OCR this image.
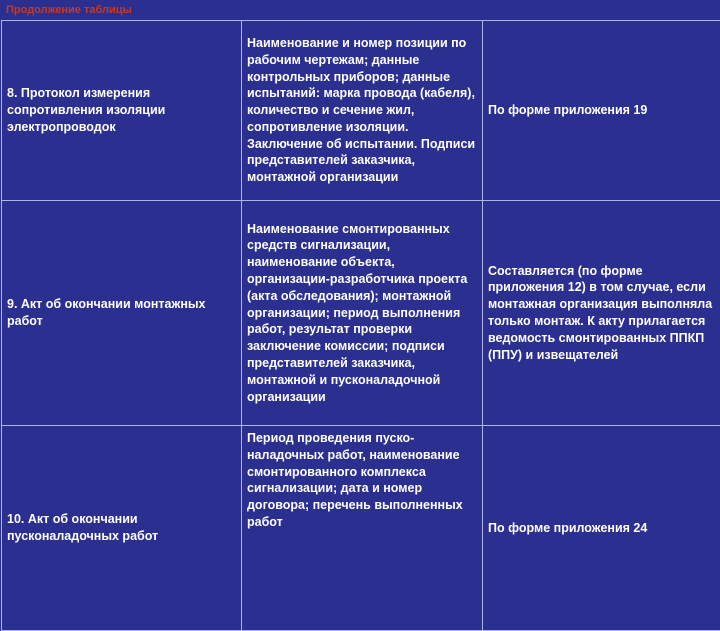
Продолжение таблицы
8. Протокол измерения сопротивления изоляции электропроводок	Наименование и номер позиции по рабочим чертежам; данные контрольных приборов; данные испытаний: марка провода (кабеля), количество и сечение жил, сопротивление изоляции. Заключение об испытании. Подписи представителей заказчика, монтажной организации	По форме приложения 19

9. Акт об окончании монтажных работ	Наименование смонтированных средств сигнализации, наименование объекта, организации-разработчика проекта (акта обследования); монтажной организации; период выполнения работ, результат проверки заключение комиссии; подписи представителей заказчика, монтажной и пусконаладочной организации	Составляется (по форме приложения 12) в том случае, если монтажная организация выполняла только монтаж. К акту прилагается ведомость смонтированных ППКП (ППУ) и извещателей

10. Акт об окончании пусконаладочных работ	Период проведения пуско-наладочных работ, наименование смонтированного комплекса сигнализации; дата и номер договора; перечень выполненных работ	По форме приложения 24
